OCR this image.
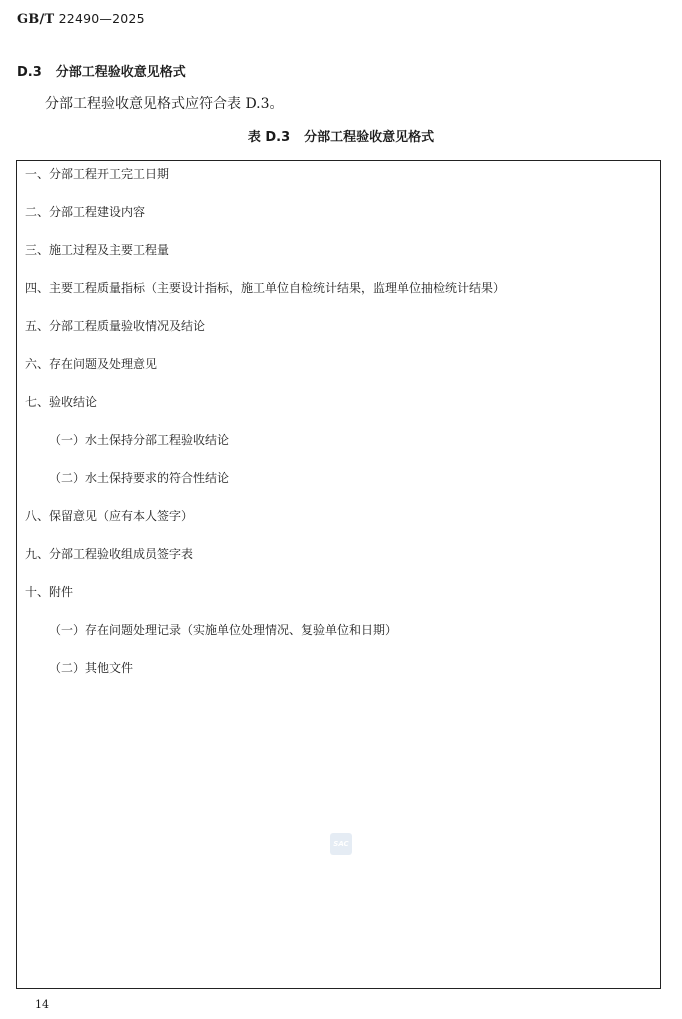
GB/T 22490—2025
D.3 分部工程验收意见格式
分部工程验收意见格式应符合表 D.3。
表 D.3 分部工程验收意见格式
一、分部工程开工完工日期
二、分部工程建设内容
三、施工过程及主要工程量
四、主要工程质量指标（主要设计指标，施工单位自检统计结果，监理单位抽检统计结果）
五、分部工程质量验收情况及结论
六、存在问题及处理意见
七、验收结论
（一）水土保持分部工程验收结论
（二）水土保持要求的符合性结论
八、保留意见（应有本人签字）
九、分部工程验收组成员签字表
十、附件
（一）存在问题处理记录（实施单位处理情况、复验单位和日期）
（二）其他文件
SAC
14
